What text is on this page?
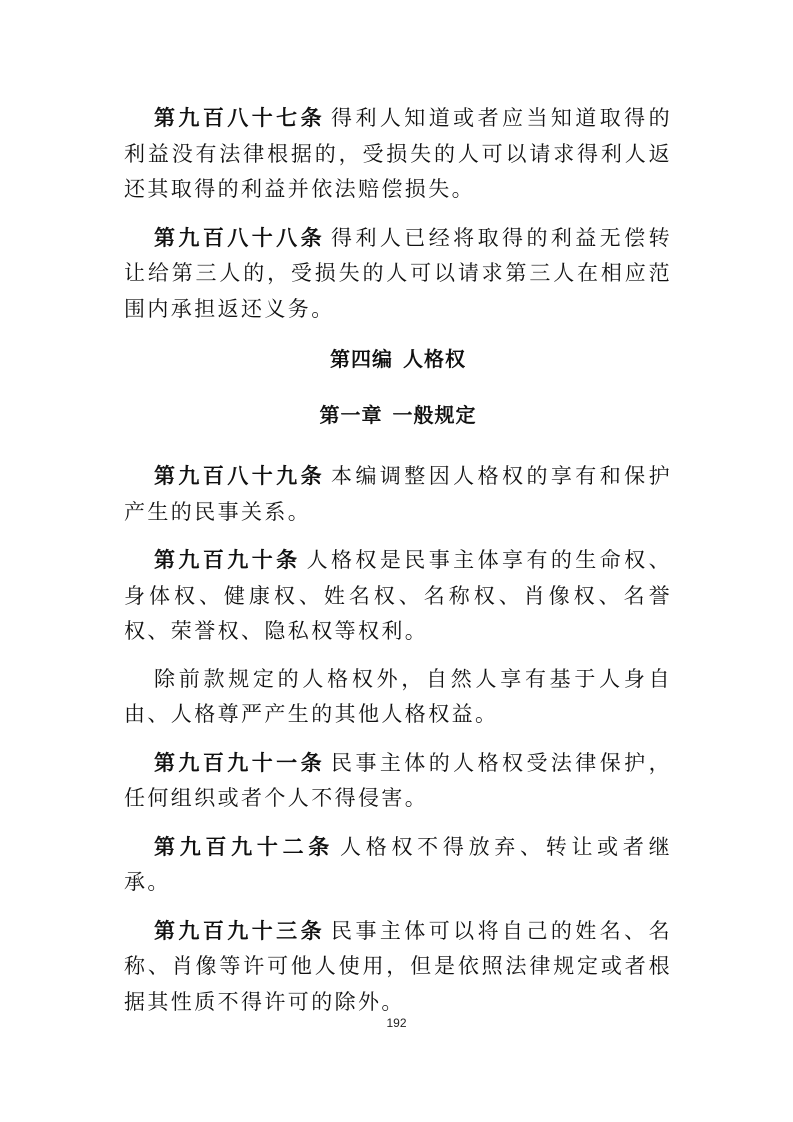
第九百八十七条 得利人知道或者应当知道取得的利益没有法律根据的，受损失的人可以请求得利人返还其取得的利益并依法赔偿损失。

第九百八十八条 得利人已经将取得的利益无偿转让给第三人的，受损失的人可以请求第三人在相应范围内承担返还义务。

第四编 人格权
第一章 一般规定

第九百八十九条 本编调整因人格权的享有和保护产生的民事关系。

第九百九十条 人格权是民事主体享有的生命权、身体权、健康权、姓名权、名称权、肖像权、名誉权、荣誉权、隐私权等权利。

除前款规定的人格权外，自然人享有基于人身自由、人格尊严产生的其他人格权益。

第九百九十一条 民事主体的人格权受法律保护，任何组织或者个人不得侵害。

第九百九十二条 人格权不得放弃、转让或者继承。

第九百九十三条 民事主体可以将自己的姓名、名称、肖像等许可他人使用，但是依照法律规定或者根据其性质不得许可的除外。

192
